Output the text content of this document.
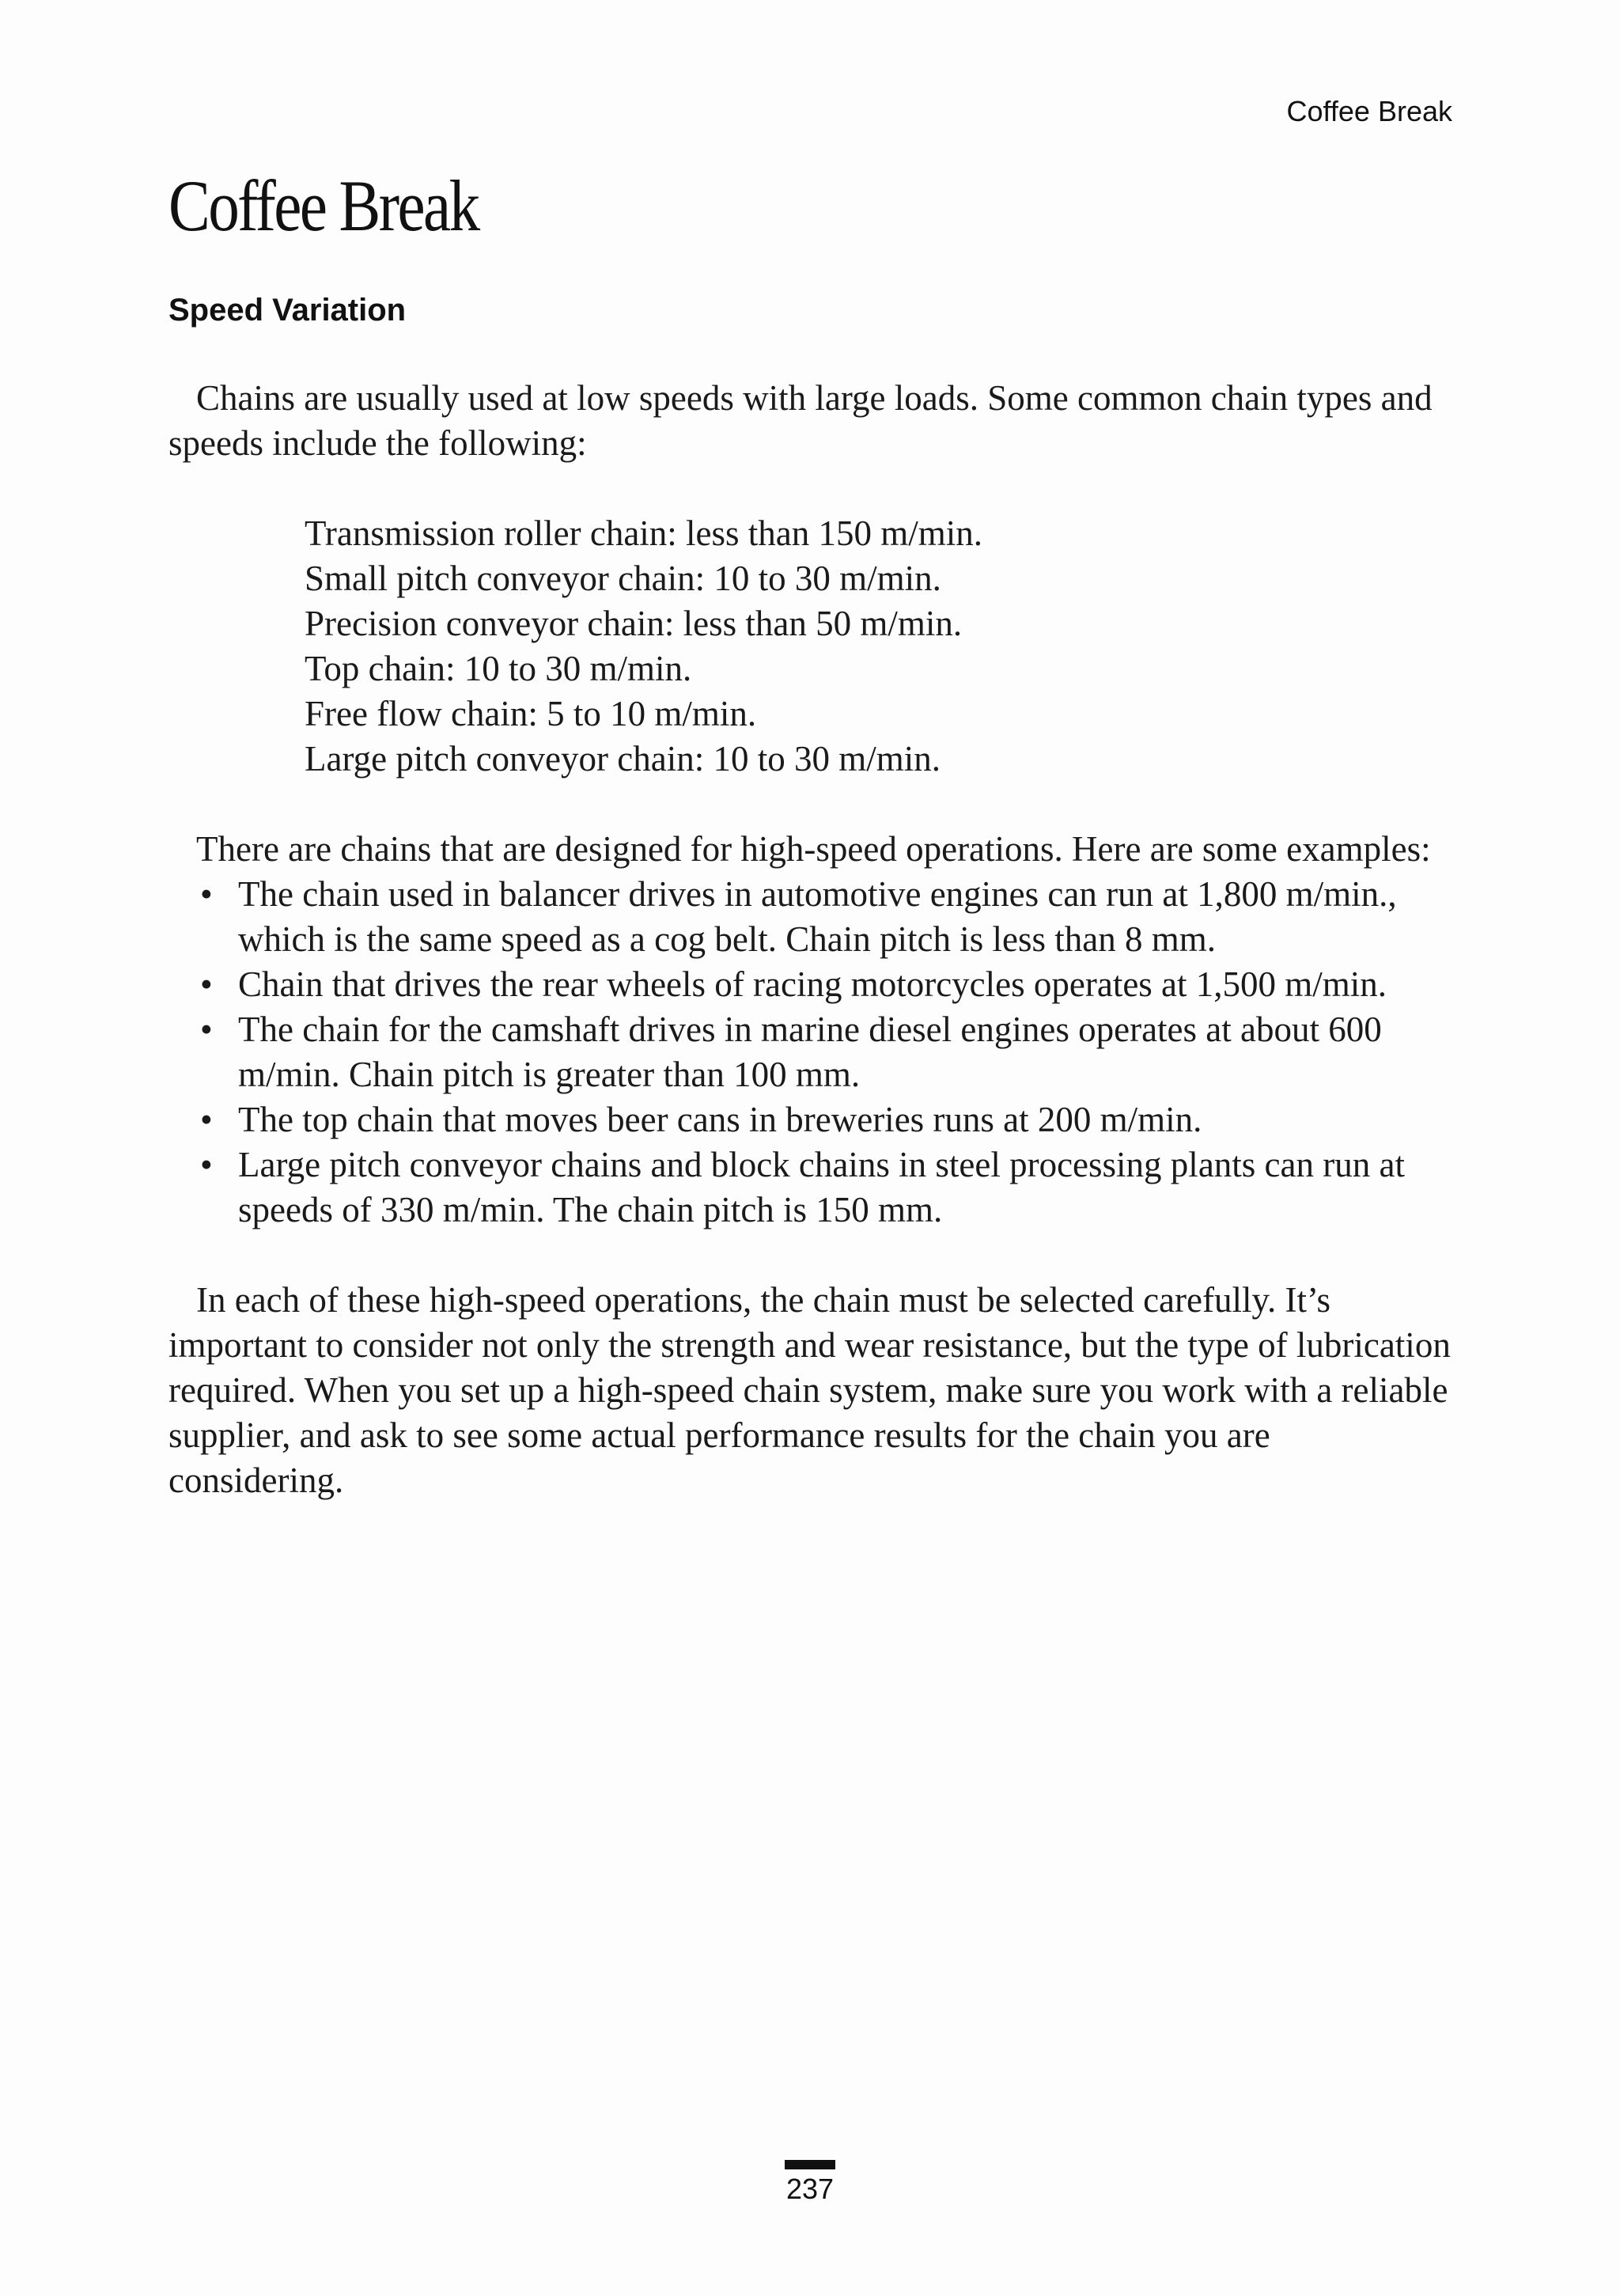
Coffee Break
Coffee Break
Speed Variation

Chains are usually used at low speeds with large loads. Some common chain types and speeds include the following:

Transmission roller chain: less than 150 m/min.
Small pitch conveyor chain: 10 to 30 m/min.
Precision conveyor chain: less than 50 m/min.
Top chain: 10 to 30 m/min.
Free flow chain: 5 to 10 m/min.
Large pitch conveyor chain: 10 to 30 m/min.

There are chains that are designed for high-speed operations. Here are some examples:

• The chain used in balancer drives in automotive engines can run at 1,800 m/min., which is the same speed as a cog belt. Chain pitch is less than 8 mm.
• Chain that drives the rear wheels of racing motorcycles operates at 1,500 m/min.
• The chain for the camshaft drives in marine diesel engines operates at about 600 m/min. Chain pitch is greater than 100 mm.
• The top chain that moves beer cans in breweries runs at 200 m/min.
• Large pitch conveyor chains and block chains in steel processing plants can run at speeds of 330 m/min. The chain pitch is 150 mm.

In each of these high-speed operations, the chain must be selected carefully. It’s important to consider not only the strength and wear resistance, but the type of lubrication required. When you set up a high-speed chain system, make sure you work with a reliable supplier, and ask to see some actual performance results for the chain you are considering.

237
